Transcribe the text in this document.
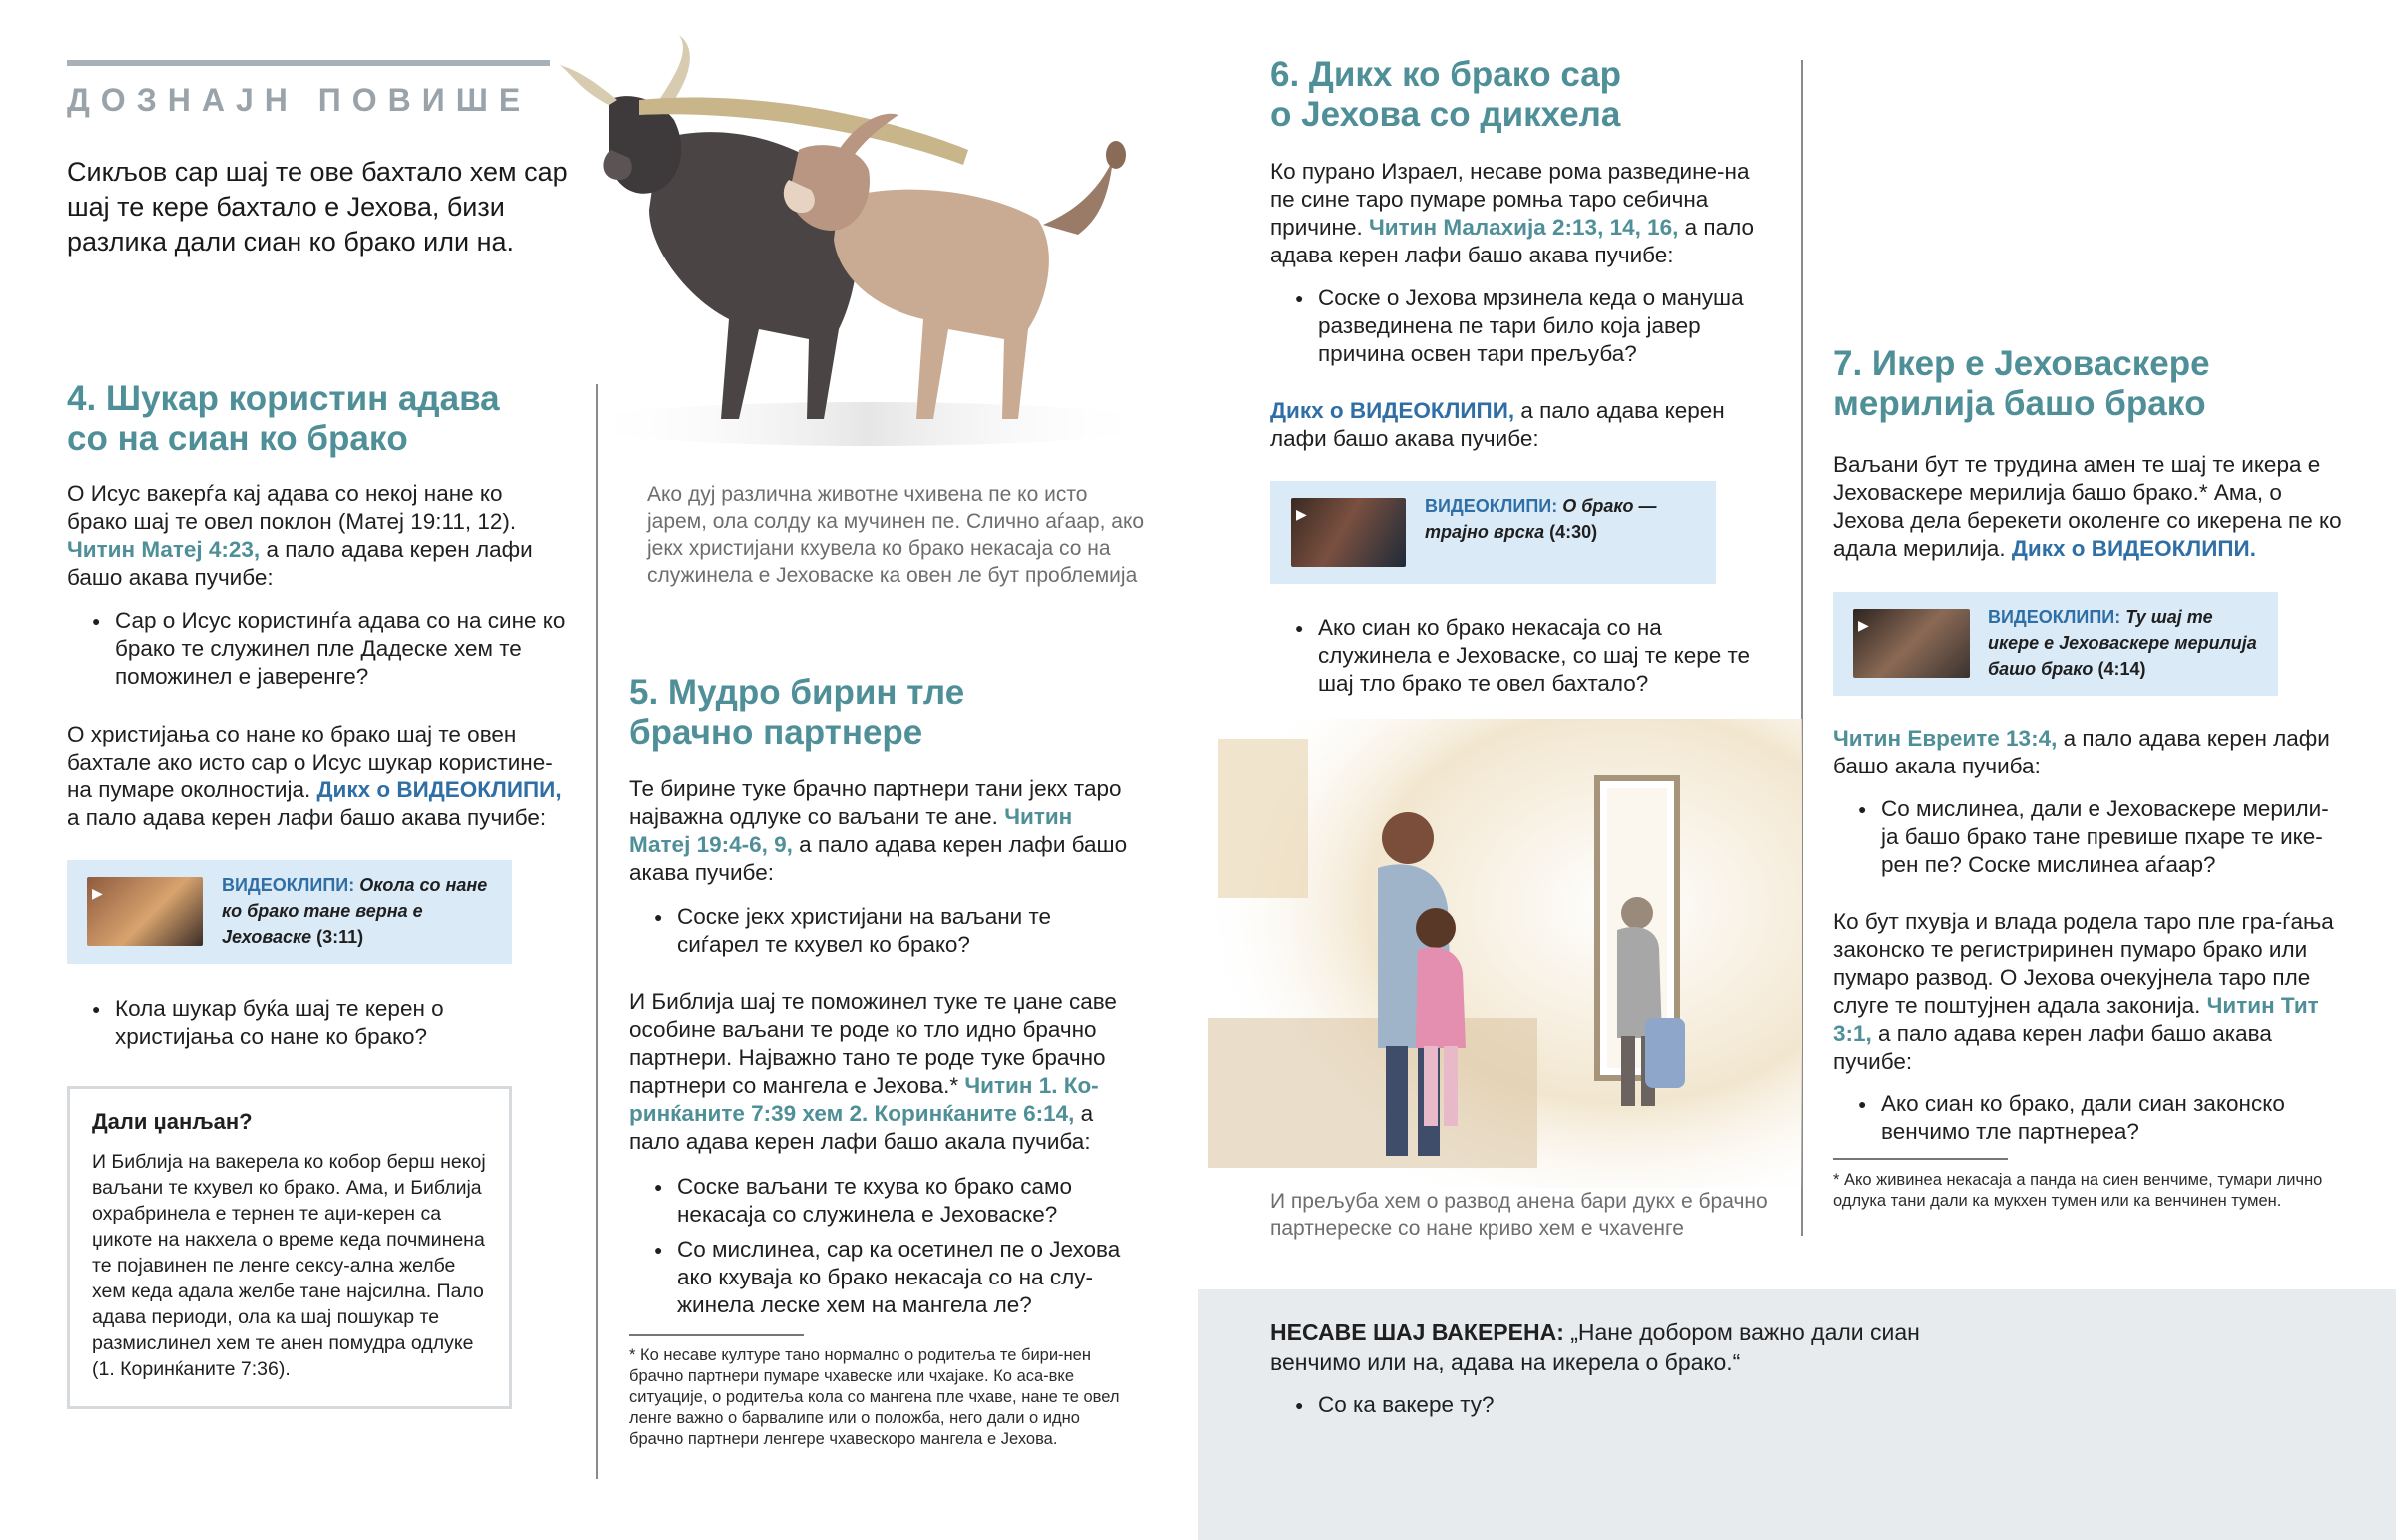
ДОЗНАЈН ПОВИШЕ

Сикљов сар шај те ове бахтало хем сар шај те кере бахтало е Јехова, бизи разлика дали сиан ко бракo или на.

Ако дуј различна животне чхивена пе ко исто јарем, ола солду ка мучинен пе. Слично аѓаар, ако јекх христијани кхувела ко бракo некасаја со на служинела е Јеховаске ка овен ле бут проблемија

4. Шукар користин адава со на сиан ко бракo

О Исус вакерѓа кај адава со некој нане ко бракo шај те овел поклон (Матеј 19:11, 12). Читин Матеј 4:23, а пало адава керен лафи башо акава пучибе:

● Сар о Исус користинѓа адава со на сине ко бракo те служинел пле Дадеске хем те поможинел е јаверенге?

О христијања со нане ко бракo шај те овен бахтале ако исто сар о Исус шукар користине-на пумаре околностија. Дикх о ВИДЕОКЛИПИ, а пало адава керен лафи башо акава пучибе:

▶	ВИДЕОКЛИПИ: Окола со нане ко бракo тане верна е Јеховаске (3:11)
● Кола шукар буќа шај те керен о христијања со нане ко бракo?
Дали џанљан?

И Библија на вакерела ко кобор берш некој ваљани те кхувел ко бракo. Ама, и Библија охрабринела е тернен те аџи-керен са џикоте на накхела о време кеда почминена те појавинен пе ленге сексу-ална желбе хем кеда адала желбе тане најсилна. Пало адава периоди, ола ка шај пошукар те размислинел хем те анен помудра одлуке (1. Коринќаните 7:36).

5. Мудро бирин тле брачно партнере

Те бирине туке брачно партнери тани јекх таро најважна одлуке со ваљани те ане. Читин Матеј 19:4-6, 9, а пало адава керен лафи башо акава пучибе:

● Соске јекх христијани на ваљани те сиѓарел те кхувел ко бракo?

И Библија шај те поможинел туке те џане саве особине ваљани те роде ко тло идно брачно партнери. Најважно тано те роде туке брачно партнери со мангела е Јехова.* Читин 1. Ко-ринќаните 7:39 хем 2. Коринќаните 6:14, а пало адава керен лафи башо акала пучиба:

● Соске ваљани те кхува ко бракo само некасаја со служинела е Јеховаске?
● Со мислинеа, сар ка осетинел пе о Јехова ако кхуваја ко бракo некасаја со на слу-жинела леске хем на мангела ле?

* Ко несаве културе тано нормално о родитеља те бири-нен брачно партнери пумаре чхавеске или чхајаке. Ко аса-вке ситуације, о родитеља кола со мангена пле чхаве, нане те овел ленге важно о барвалипе или о положба, него дали о идно брачно партнери ленгере чхавескоро мангела е Јехова.

6. Дикх ко бракo сар о Јехова со дикхела

Ко пурано Израел, несаве рома разведине-на пе сине таро пумаре ромња таро себична причине. Читин Малахија 2:13, 14, 16, а пало адава керен лафи башо акава пучибе:

● Соске о Јехова мрзинела кеда о мануша развединена пе тари било која јавер причина освен тари прељуба?

Дикх о ВИДЕОКЛИПИ, а пало адава керен лафи башо акава пучибе:

▶	ВИДЕОКЛИПИ: О бракo — трајно врска (4:30)
● Ако сиан ко бракo некасаја со на служинела е Јеховаске, со шај те кере те шај тло бракo те овел бахтало?

И прељуба хем о развод анена бари дукх е брачно партнереске со нане криво хем е чхаvенге

7. Икер е Јеховаскере мерилија башо бракo

Ваљани бут те трудина амен те шај те икера е Јеховаскере мерилија башо бракo.* Ама, о Јехова дела берекети околенге со икерена пе ко адала мерилија. Дикх о ВИДЕОКЛИПИ.

▶	ВИДЕОКЛИПИ: Ту шај те икере е Јеховаскере мерилија башо бракo (4:14)

Читин Евреите 13:4, а пало адава керен лафи башо акала пучиба:

● Со мислинеа, дали е Јеховаскере мерили-ја башо бракo тане превише пхаре те ике-рен пе? Соске мислинеа аѓаар?

Ко бут пхувја и влада родела таро пле гра-ѓања законско те регистриринен пумаро бракo или пумаро развод. О Јехова очекујнела таро пле слуге те поштујнен адала законија. Читин Тит 3:1, а пало адава керен лафи башо акава пучибе:

● Ако сиан ко бракo, дали сиан законско венчимо тле партнереа?

* Ако живинеа некасаја а панда на сиен венчиме, тумари лично одлука тани дали ка мукхен тумен или ка венчинен тумен.

НЕСАВЕ ШАЈ ВАКЕРЕНА: „Нане добором важно дали сиан венчимо или на, адава на икерела о бракo.“

● Со ка вакере ту?
